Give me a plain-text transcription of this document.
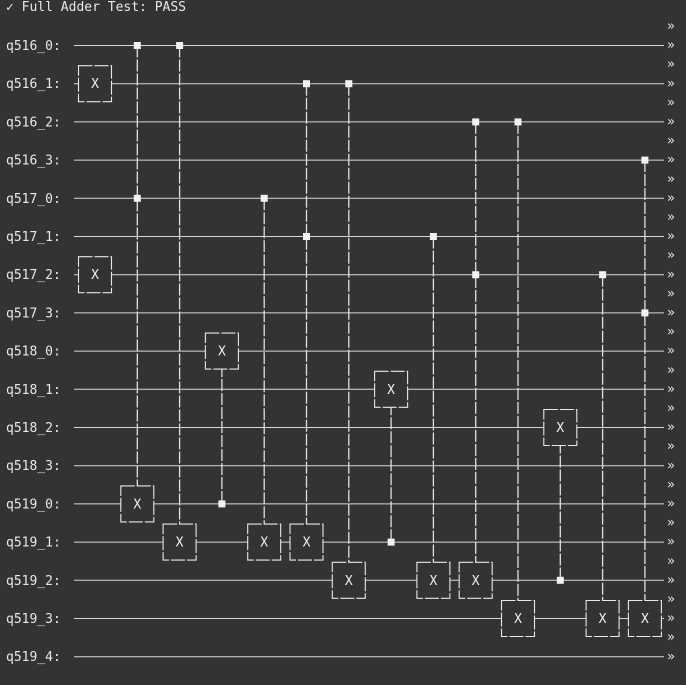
✓ Full Adder Test: PASS
»
»
»
»
»
»
»
»
»
»
»
»
»
»
»
»
»
»
»
»
»
»
»
»
»
»
»
»
»
»
»
»
»
»
q516_0:
q516_1:
q516_2:
q516_3:
q517_0:
q517_1:
q517_2:
q517_3:
q518_0:
q518_1:
q518_2:
q518_3:
q519_0:
q519_1:
q519_2:
q519_3:
q519_4:
X
X
X
X
X
X	X
X
X
X	X
X
X
X	X
